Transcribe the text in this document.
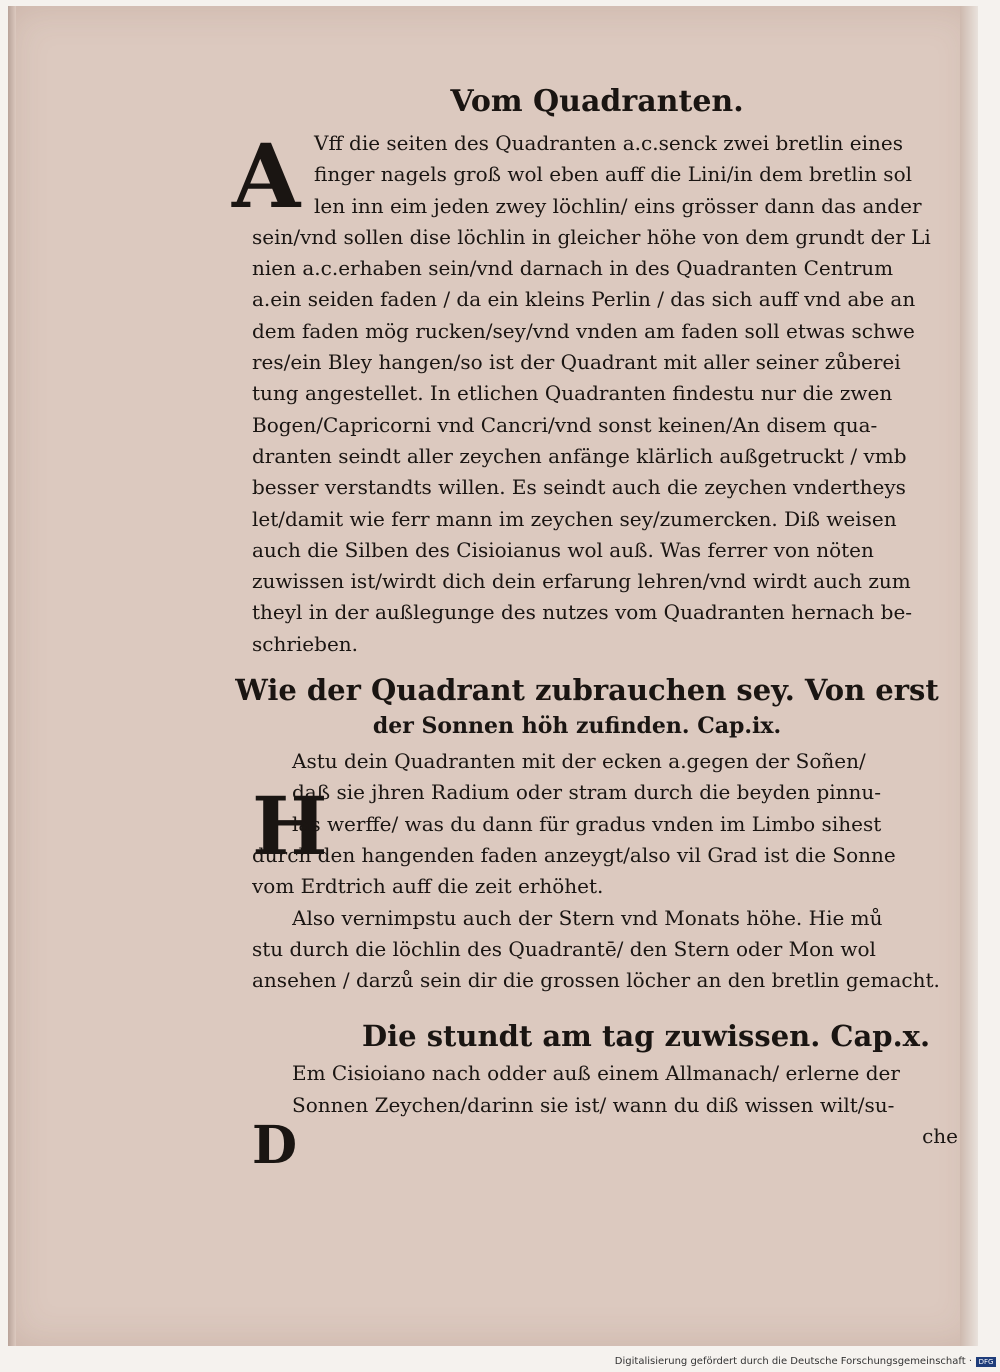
A
H
D
Vom Quadranten.

Vff die seiten des Quadranten a.c.senck zwei bretlin eines
finger nagels groß wol eben auff die Lini/in dem bretlin sol
len inn eim jeden zwey löchlin/ eins grösser dann das ander
sein/vnd sollen dise löchlin in gleicher höhe von dem grundt der Li
nien a.c.erhaben sein/vnd darnach in des Quadranten Centrum
a.ein seiden faden / da ein kleins Perlin / das sich auff vnd abe an
dem faden mög rucken/sey/vnd vnden am faden soll etwas schwe
res/ein Bley hangen/so ist der Quadrant mit aller seiner zůberei
tung angestellet. In etlichen Quadranten findestu nur die zwen
Bogen/Capricorni vnd Cancri/vnd sonst keinen/An disem qua-
dranten seindt aller zeychen anfänge klärlich außgetruckt / vmb
besser verstandts willen. Es seindt auch die zeychen vndertheys
let/damit wie ferr mann im zeychen sey/zumercken. Diß weisen
auch die Silben des Cisioianus wol auß. Was ferrer von nöten
zuwissen ist/wirdt dich dein erfarung lehren/vnd wirdt auch zum
theyl in der außlegunge des nutzes vom Quadranten hernach be-
schrieben.

Wie der Quadrant zubrauchen sey. Von erst
der Sonnen höh zufinden. Cap.ix.

Astu dein Quadranten mit der ecken a.gegen der Soñen/
daß sie jhren Radium oder stram durch die beyden pinnu-
las werffe/ was du dann für gradus vnden im Limbo sihest
durch den hangenden faden anzeygt/also vil Grad ist die Sonne
vom Erdtrich auff die zeit erhöhet.

Also vernimpstu auch der Stern vnd Monats höhe. Hie mů
stu durch die löchlin des Quadrantē/ den Stern oder Mon wol
ansehen / darzů sein dir die grossen löcher an den bretlin gemacht.

Die stundt am tag zuwissen. Cap.x.

Em Cisioiano nach odder auß einem Allmanach/ erlerne der
Sonnen Zeychen/darinn sie ist/ wann du diß wissen wilt/su-

che
Digitalisierung gefördert durch die Deutsche Forschungsgemeinschaft · DFG
